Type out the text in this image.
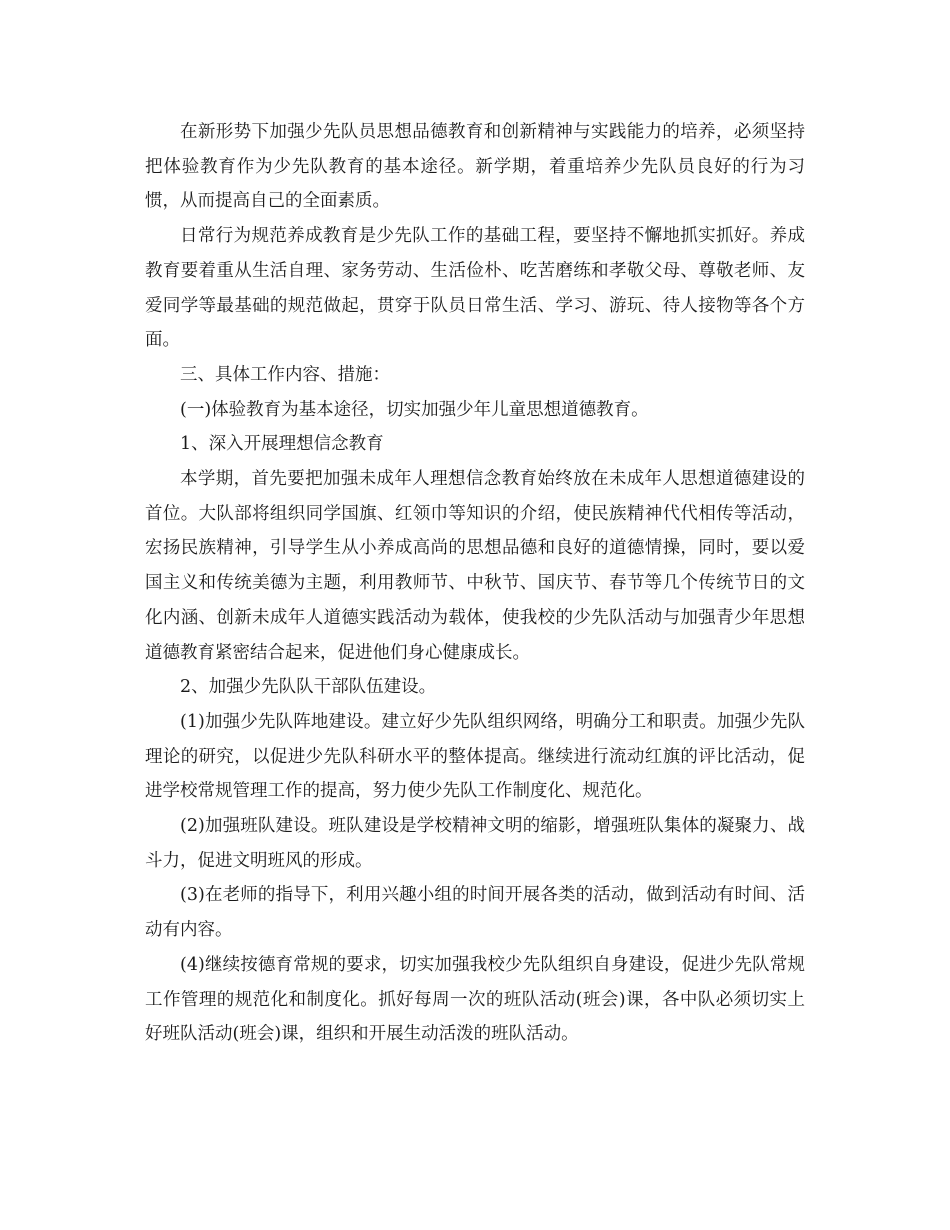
在新形势下加强少先队员思想品德教育和创新精神与实践能力的培养，必须坚持把体验教育作为少先队教育的基本途径。新学期，着重培养少先队员良好的行为习惯，从而提高自己的全面素质。

日常行为规范养成教育是少先队工作的基础工程，要坚持不懈地抓实抓好。养成教育要着重从生活自理、家务劳动、生活俭朴、吃苦磨练和孝敬父母、尊敬老师、友爱同学等最基础的规范做起，贯穿于队员日常生活、学习、游玩、待人接物等各个方面。

三、具体工作内容、措施：

(一)体验教育为基本途径，切实加强少年儿童思想道德教育。

1、深入开展理想信念教育

本学期，首先要把加强未成年人理想信念教育始终放在未成年人思想道德建设的首位。大队部将组织同学国旗、红领巾等知识的介绍，使民族精神代代相传等活动，宏扬民族精神，引导学生从小养成高尚的思想品德和良好的道德情操，同时，要以爱国主义和传统美德为主题，利用教师节、中秋节、国庆节、春节等几个传统节日的文化内涵、创新未成年人道德实践活动为载体，使我校的少先队活动与加强青少年思想道德教育紧密结合起来，促进他们身心健康成长。

2、加强少先队队干部队伍建设。

(1)加强少先队阵地建设。建立好少先队组织网络，明确分工和职责。加强少先队理论的研究，以促进少先队科研水平的整体提高。继续进行流动红旗的评比活动，促进学校常规管理工作的提高，努力使少先队工作制度化、规范化。

(2)加强班队建设。班队建设是学校精神文明的缩影，增强班队集体的凝聚力、战斗力，促进文明班风的形成。

(3)在老师的指导下，利用兴趣小组的时间开展各类的活动，做到活动有时间、活动有内容。

(4)继续按德育常规的要求，切实加强我校少先队组织自身建设，促进少先队常规工作管理的规范化和制度化。抓好每周一次的班队活动(班会)课，各中队必须切实上好班队活动(班会)课，组织和开展生动活泼的班队活动。
